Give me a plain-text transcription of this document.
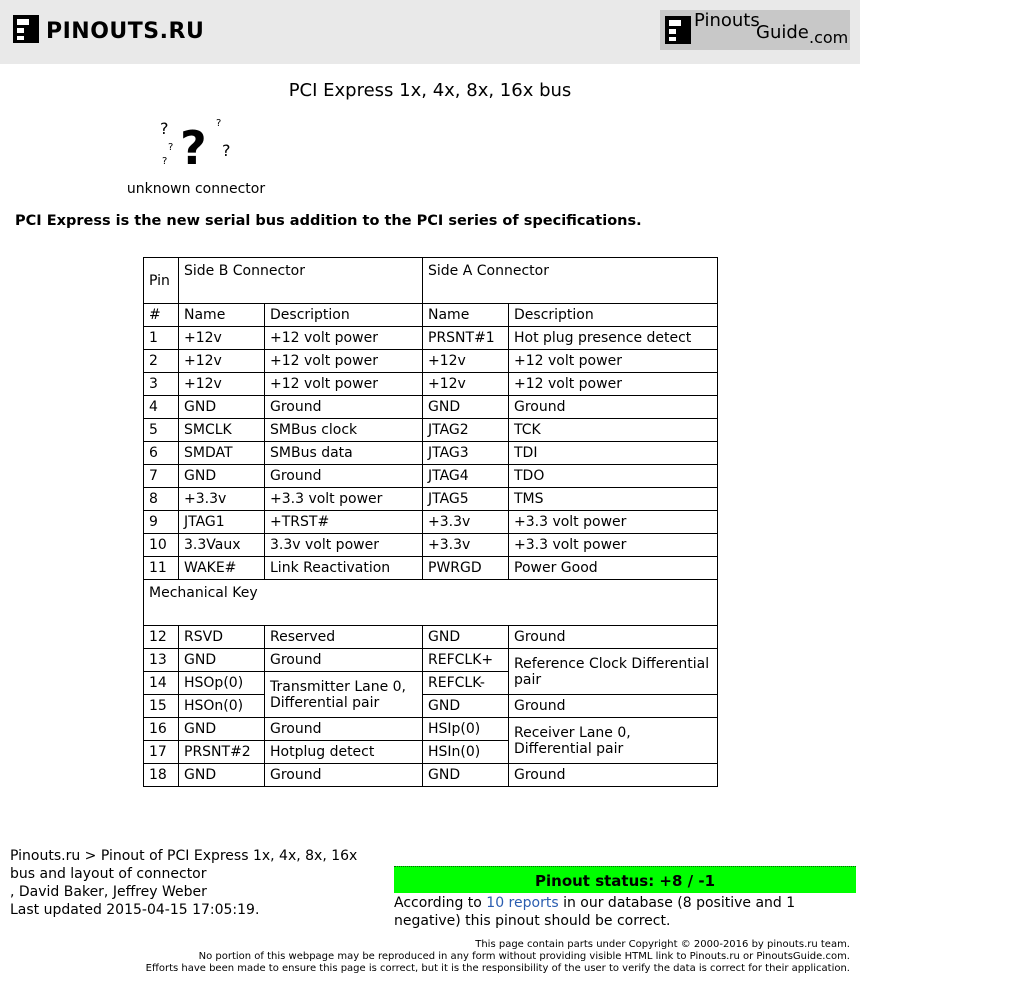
PINOUTS.RU	Pinouts
Guide .com
PCI Express 1x, 4x, 8x, 16x bus
?
?
? ? ?
?
unknown connector
PCI Express is the new serial bus addition to the PCI series of specifications.
Pin	Side B Connector		Side A Connector	
#	Name	Description	Name	Description
1	+12v	+12 volt power	PRSNT#1	Hot plug presence detect
2	+12v	+12 volt power	+12v	+12 volt power
3	+12v	+12 volt power	+12v	+12 volt power
4	GND	Ground	GND	Ground
5	SMCLK	SMBus clock	JTAG2	TCK
6	SMDAT	SMBus data	JTAG3	TDI
7	GND	Ground	JTAG4	TDO
8	+3.3v	+3.3 volt power	JTAG5	TMS
9	JTAG1	+TRST#	+3.3v	+3.3 volt power
10	3.3Vaux	3.3v volt power	+3.3v	+3.3 volt power
11	WAKE#	Link Reactivation	PWRGD	Power Good
Mechanical Key				
12	RSVD	Reserved	GND	Ground
13	GND	Ground	REFCLK+	Reference Clock Differential pair
14	HSOp(0)	Transmitter Lane 0, Differential pair	REFCLK-	
15	HSOn(0)		GND	Ground
16	GND	Ground	HSIp(0)	Receiver Lane 0, Differential pair
17	PRSNT#2	Hotplug detect	HSIn(0)	
18	GND	Ground	GND	Ground
Pinouts.ru > Pinout of PCI Express 1x, 4x, 8x, 16x bus and layout of connector
, David Baker, Jeffrey Weber
Last updated 2015-04-15 17:05:19.
Pinout status: +8 / -1
According to 10 reports in our database (8 positive and 1 negative) this pinout should be correct.
This page contain parts under Copyright © 2000-2016 by pinouts.ru team.
No portion of this webpage may be reproduced in any form without providing visible HTML link to Pinouts.ru or PinoutsGuide.com.
Efforts have been made to ensure this page is correct, but it is the responsibility of the user to verify the data is correct for their application.
